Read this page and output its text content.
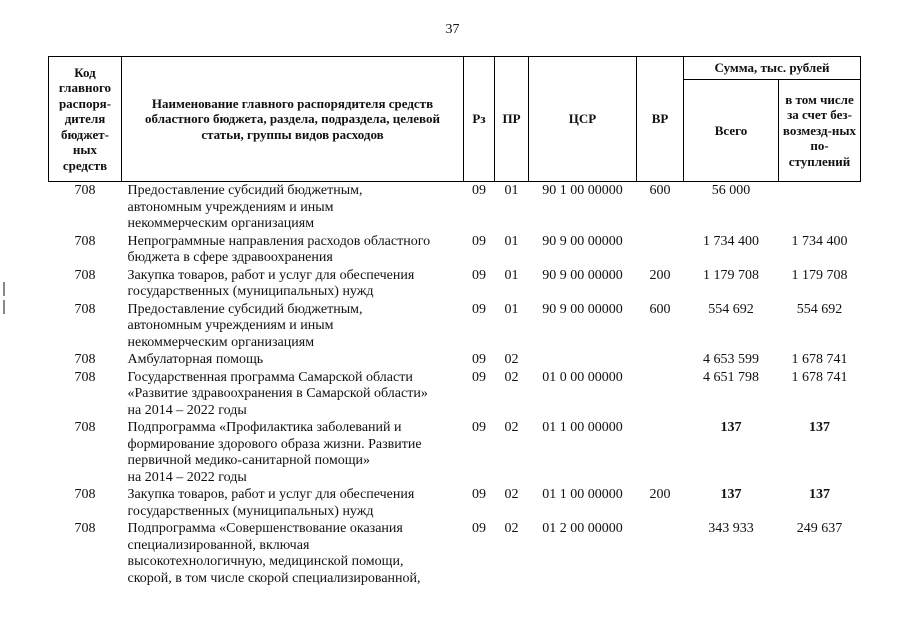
37
Код главного распоря-дителя бюджет-ных средств	Наименование главного распорядителя средств областного бюджета, раздела, подраздела, целевой статьи, группы видов расходов	Рз	ПР	ЦСР	ВР	Сумма, тыс. рублей	
						Всего	в том числе за счет без-возмезд-ных по-ступлений
708	Предоставление субсидий бюджетным,
автономным учреждениям и иным
некоммерческим организациям	09	01	90 1 00 00000	600	56 000	
708	Непрограммные направления расходов областного
бюджета в сфере здравоохранения	09	01	90 9 00 00000		1 734 400	1 734 400
708	Закупка товаров, работ и услуг для обеспечения
государственных (муниципальных) нужд	09	01	90 9 00 00000	200	1 179 708	1 179 708
708	Предоставление субсидий бюджетным,
автономным учреждениям и иным
некоммерческим организациям	09	01	90 9 00 00000	600	554 692	554 692
708	Амбулаторная помощь	09	02			4 653 599	1 678 741
708	Государственная программа Самарской области
«Развитие здравоохранения в Самарской области»
на 2014 – 2022 годы	09	02	01 0 00 00000		4 651 798	1 678 741
708	Подпрограмма «Профилактика заболеваний и
формирование здорового образа жизни. Развитие
первичной медико-санитарной помощи»
на 2014 – 2022 годы	09	02	01 1 00 00000		137	137
708	Закупка товаров, работ и услуг для обеспечения
государственных (муниципальных) нужд	09	02	01 1 00 00000	200	137	137
708	Подпрограмма «Совершенствование оказания
специализированной, включая
высокотехнологичную, медицинской помощи,
скорой, в том числе скорой специализированной,	09	02	01 2 00 00000		343 933	249 637
